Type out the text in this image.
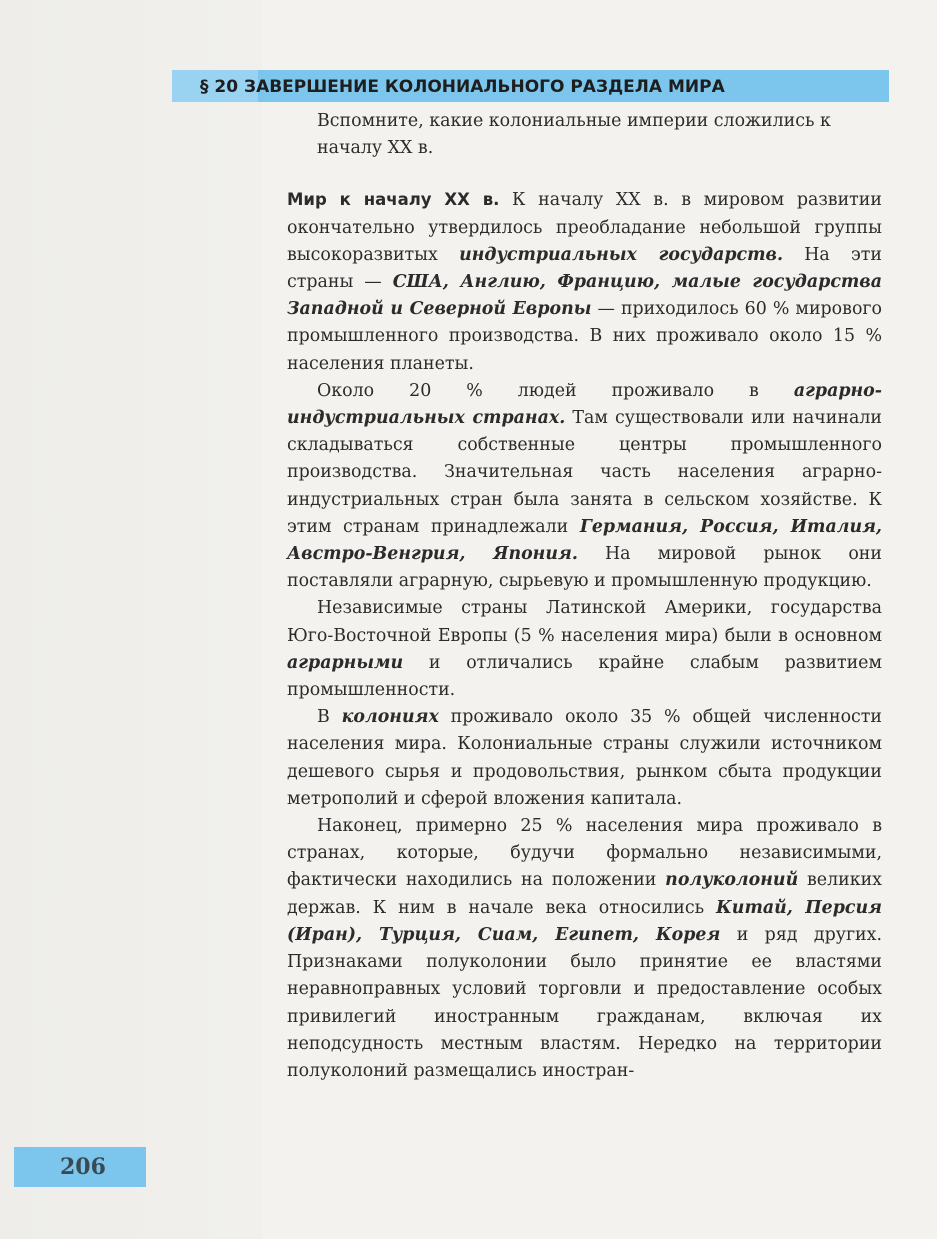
§ 20 ЗАВЕРШЕНИЕ КОЛОНИАЛЬНОГО РАЗДЕЛА МИРА

Вспомните, какие колониальные империи сложились к началу XX в.

Мир к началу XX в. К началу XX в. в мировом развитии окончательно утвердилось преобладание небольшой группы высокоразвитых индустриальных государств. На эти страны — США, Англию, Францию, малые государства Западной и Северной Европы — приходилось 60 % мирового промышленного производства. В них проживало около 15 % населения планеты.

Около 20 % людей проживало в аграрно-индустриальных странах. Там существовали или начинали складываться собственные центры промышленного производства. Значительная часть населения аграрно-индустриальных стран была занята в сельском хозяйстве. К этим странам принадлежали Германия, Россия, Италия, Австро-Венгрия, Япония. На мировой рынок они поставляли аграрную, сырьевую и промышленную продукцию.

Независимые страны Латинской Америки, государства Юго-Восточной Европы (5 % населения мира) были в основном аграрными и отличались крайне слабым развитием промышленности.

В колониях проживало около 35 % общей численности населения мира. Колониальные страны служили источником дешевого сырья и продовольствия, рынком сбыта продукции метрополий и сферой вложения капитала.

Наконец, примерно 25 % населения мира проживало в странах, которые, будучи формально независимыми, фактически находились на положении полуколоний великих держав. К ним в начале века относились Китай, Персия (Иран), Турция, Сиам, Египет, Корея и ряд других. Признаками полуколонии было принятие ее властями неравноправных условий торговли и предоставление особых привилегий иностранным гражданам, включая их неподсудность местным властям. Нередко на территории полуколоний размещались иностран-

206
